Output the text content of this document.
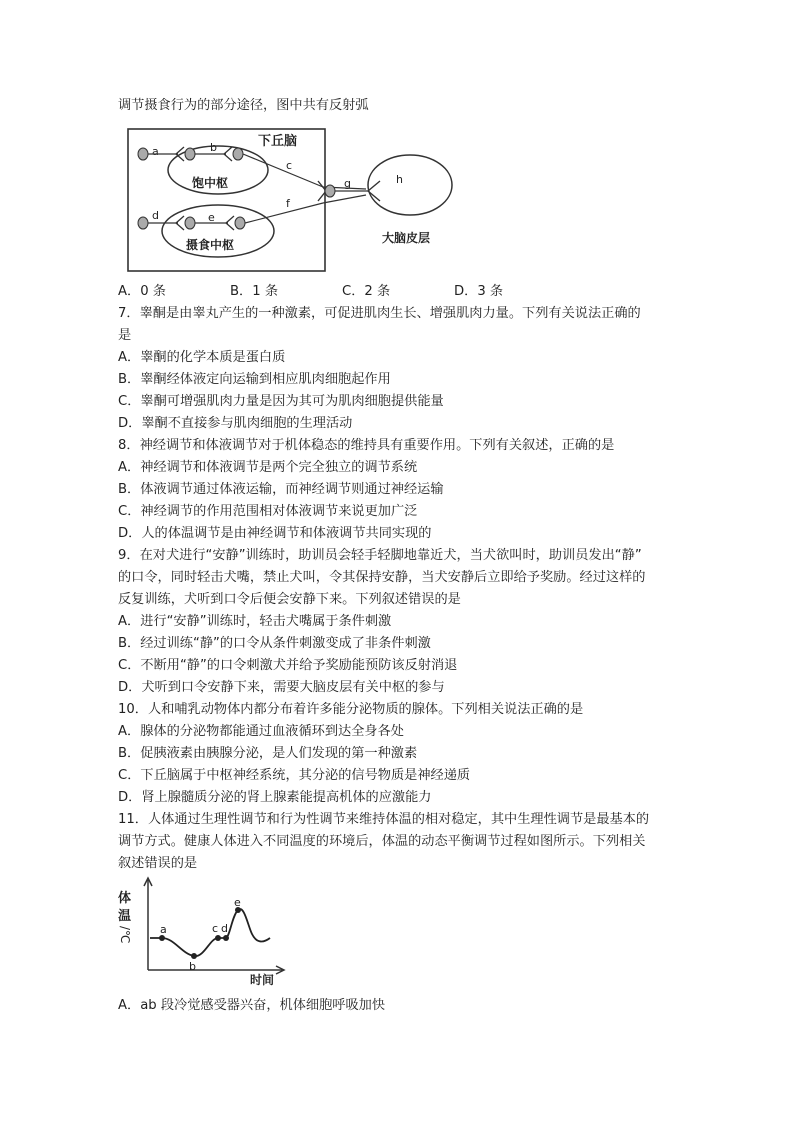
调节摄食行为的部分途径，图中共有反射弧
下丘脑
饱中枢
a	b
摄食中枢
d	e
c
f
g	h
大脑皮层
A．0 条	B．1 条	C．2 条	D．3 条
7．睾酮是由睾丸产生的一种激素，可促进肌肉生长、增强肌肉力量。下列有关说法正确的
是
A．睾酮的化学本质是蛋白质
B．睾酮经体液定向运输到相应肌肉细胞起作用
C．睾酮可增强肌肉力量是因为其可为肌肉细胞提供能量
D．睾酮不直接参与肌肉细胞的生理活动
8．神经调节和体液调节对于机体稳态的维持具有重要作用。下列有关叙述，正确的是
A．神经调节和体液调节是两个完全独立的调节系统
B．体液调节通过体液运输，而神经调节则通过神经运输
C．神经调节的作用范围相对体液调节来说更加广泛
D．人的体温调节是由神经调节和体液调节共同实现的
9．在对犬进行“安静”训练时，助训员会轻手轻脚地靠近犬，当犬欲叫时，助训员发出“静”
的口令，同时轻击犬嘴，禁止犬叫，令其保持安静，当犬安静后立即给予奖励。经过这样的
反复训练，犬听到口令后便会安静下来。下列叙述错误的是
A．进行“安静”训练时，轻击犬嘴属于条件刺激
B．经过训练“静”的口令从条件刺激变成了非条件刺激
C．不断用“静”的口令刺激犬并给予奖励能预防该反射消退
D．犬听到口令安静下来，需要大脑皮层有关中枢的参与
10．人和哺乳动物体内都分布着许多能分泌物质的腺体。下列相关说法正确的是
A．腺体的分泌物都能通过血液循环到达全身各处
B．促胰液素由胰腺分泌，是人们发现的第一种激素
C．下丘脑属于中枢神经系统，其分泌的信号物质是神经递质
D．肾上腺髓质分泌的肾上腺素能提高机体的应激能力
11．人体通过生理性调节和行为性调节来维持体温的相对稳定，其中生理性调节是最基本的
调节方式。健康人体进入不同温度的环境后，体温的动态平衡调节过程如图所示。下列相关
叙述错误的是
体
温
/℃	a
b
c d
e
时间
A．ab 段冷觉感受器兴奋，机体细胞呼吸加快
